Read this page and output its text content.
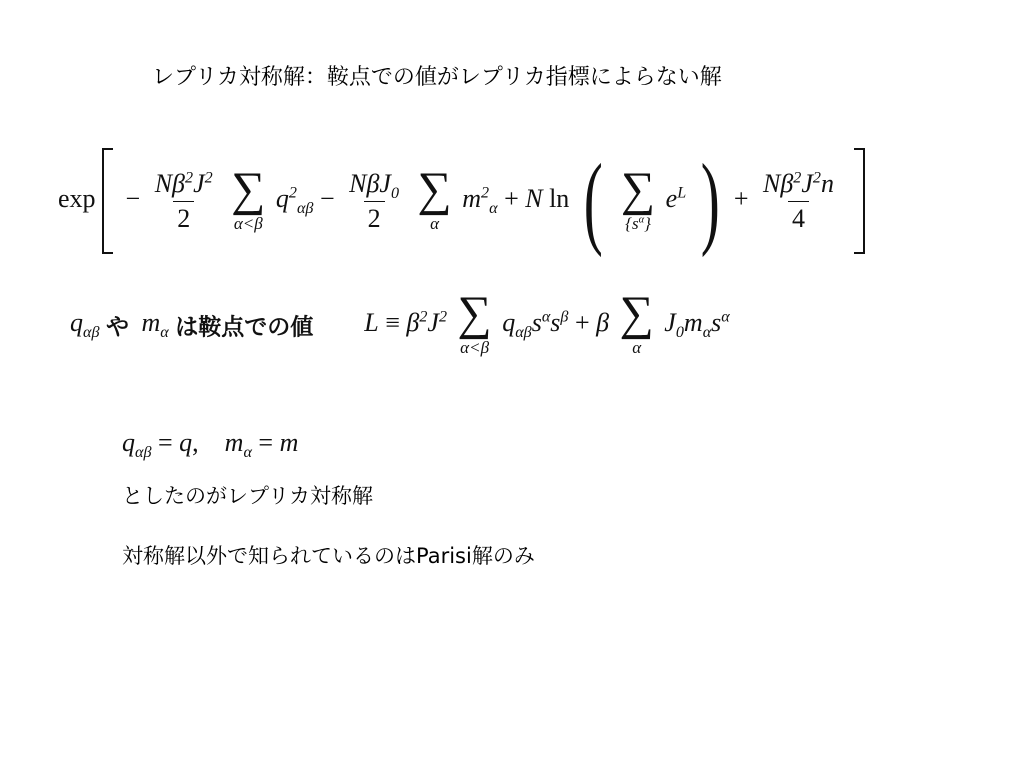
レプリカ対称解：鞍点での値がレプリカ指標によらない解
$\exp - \frac{N\beta^2J^2}{2}$
∑
α<β
$q^2_{\alpha\beta} - \frac{N\beta J_0}{2}$
∑
α
$m^2_\alpha + N$ ln ( ∑
$\{s^\alpha\}$
$e^L$ ) + $\frac{N\beta^2J^2n}{4}$

$q_{\alpha\beta}$ や $m_\alpha$ は鞍点での値 $L \equiv \beta^2J^2$ ∑
α<β
$q_{\alpha\beta}s^\alpha s^\beta + \beta$ ∑
α
$J_0m_\alpha s^\alpha$
$q_{\alpha\beta} = q$,    $m_\alpha = m$
としたのがレプリカ対称解
対称解以外で知られているのはParisi解のみ
